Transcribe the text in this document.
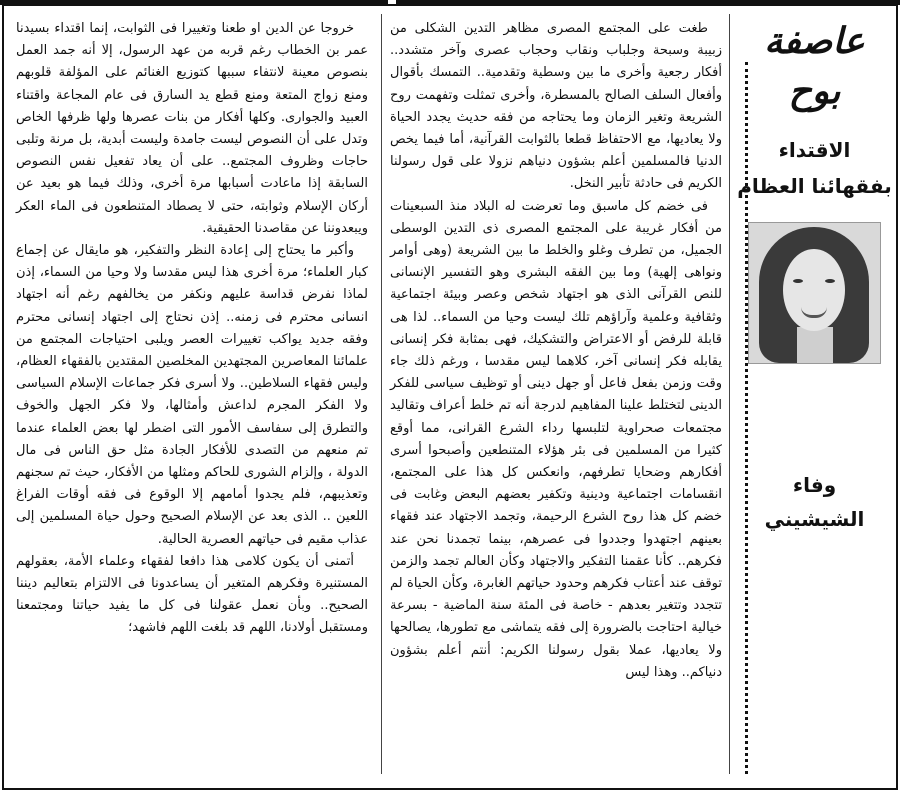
عاصفة بوح
الاقتداء
بفقهائنا العظام
وفاء
الشيشيني

طغت على المجتمع المصرى مظاهر التدين الشكلى من زبيبة وسبحة وجلباب ونقاب وحجاب عصرى وآخر متشدد.. أفكار رجعية وأخرى ما بين وسطية وتقدمية.. التمسك بأقوال وأفعال السلف الصالح بالمسطرة، وأخرى تمثلت وتفهمت روح الشريعة وتغير الزمان وما يحتاجه من فقه حديث يجدد الحياة ولا يعاديها، مع الاحتفاظ قطعا بالثوابت القرآنية، أما فيما يخص الدنيا فالمسلمين أعلم بشؤون دنياهم نزولا على قول رسولنا الكريم فى حادثة تأبير النخل.

فى خضم كل ماسبق وما تعرضت له البلاد منذ السبعينات من أفكار غريبة على المجتمع المصرى ذى التدين الوسطى الجميل، من تطرف وغلو والخلط ما بين الشريعة (وهى أوامر ونواهى إلهية) وما بين الفقه البشرى وهو التفسير الإنسانى للنص القرآنى الذى هو اجتهاد شخص وعصر وبيئة اجتماعية وثقافية وعلمية وآراؤهم تلك ليست وحيا من السماء.. لذا هى قابلة للرفض أو الاعتراض والتشكيك، فهى بمثابة فكر إنسانى يقابله فكر إنسانى آخر، كلاهما ليس مقدسا ، ورغم ذلك جاء وقت وزمن بفعل فاعل أو جهل دينى أو توظيف سياسى للفكر الدينى لتختلط علينا المفاهيم لدرجة أنه تم خلط أعراف وتقاليد مجتمعات صحراوية لتلبسها رداء الشرع القرانى، مما أوقع كثيرا من المسلمين فى بئر هؤلاء المتنطعين وأصبحوا أسرى أفكارهم وضحايا تطرفهم، وانعكس كل هذا على المجتمع، انقسامات اجتماعية ودينية وتكفير بعضهم البعض وغابت فى خضم كل هذا روح الشرع الرحيمة، وتجمد الاجتهاد عند فقهاء بعينهم اجتهدوا وجددوا فى عصرهم، بينما تجمدنا نحن عند فكرهم.. كأنا عقمنا التفكير والاجتهاد وكأن العالم تجمد والزمن توقف عند أعتاب فكرهم وحدود حياتهم الغابرة، وكأن الحياة لم تتجدد وتتغير بعدهم - خاصة فى المئة سنة الماضية - بسرعة خيالية احتاجت بالضرورة إلى فقه يتماشى مع تطورها، يصالحها ولا يعاديها، عملا بقول رسولنا الكريم: أنتم أعلم بشؤون دنياكم.. وهذا ليس

خروجا عن الدين او طعنا وتغييرا فى الثوابت، إنما اقتداء بسيدنا عمر بن الخطاب رغم قربه من عهد الرسول، إلا أنه جمد العمل بنصوص معينة لانتفاء سببها كتوزيع الغنائم على المؤلفة قلوبهم ومنع زواج المتعة ومنع قطع يد السارق فى عام المجاعة واقتناء العبيد والجوارى. وكلها أفكار من بنات عصرها ولها ظرفها الخاص وتدل على أن النصوص ليست جامدة وليست أبدية، بل مرنة وتلبى حاجات وظروف المجتمع.. على أن يعاد تفعيل نفس النصوص السابقة إذا ماعادت أسبابها مرة أخرى، وذلك فيما هو بعيد عن أركان الإسلام وثوابته، حتى لا يصطاد المتنطعون فى الماء العكر ويبعدوننا عن مقاصدنا الحقيقية.

وأكبر ما يحتاج إلى إعادة النظر والتفكير، هو مايقال عن إجماع كبار العلماء؛ مرة أخرى هذا ليس مقدسا ولا وحيا من السماء، إذن لماذا نفرض قداسة عليهم ونكفر من يخالفهم رغم أنه اجتهاد انسانى محترم فى زمنه.. إذن نحتاج إلى اجتهاد إنسانى محترم وفقه جديد يواكب تغييرات العصر ويلبى احتياجات المجتمع من علمائنا المعاصرين المجتهدين المخلصين المقتدين بالفقهاء العظام، وليس فقهاء السلاطين.. ولا أسرى فكر جماعات الإسلام السياسى ولا الفكر المجرم لداعش وأمثالها، ولا فكر الجهل والخوف والتطرق إلى سفاسف الأمور التى اضطر لها بعض العلماء عندما تم منعهم من التصدى للأفكار الجادة مثل حق الناس فى مال الدولة ، وإلزام الشورى للحاكم ومثلها من الأفكار، حيث تم سجنهم وتعذيبهم، فلم يجدوا أمامهم إلا الوقوع فى فقه أوقات الفراغ اللعين .. الذى بعد عن الإسلام الصحيح وحول حياة المسلمين إلى عذاب مقيم فى حياتهم العصرية الحالية.

أتمنى أن يكون كلامى هذا دافعا لفقهاء وعلماء الأمة، بعقولهم المستنيرة وفكرهم المتغير أن يساعدونا فى الالتزام بتعاليم ديننا الصحيح.. وبأن نعمل عقولنا فى كل ما يفيد حياتنا ومجتمعنا ومستقبل أولادنا، اللهم قد بلغت اللهم فاشهد؛
